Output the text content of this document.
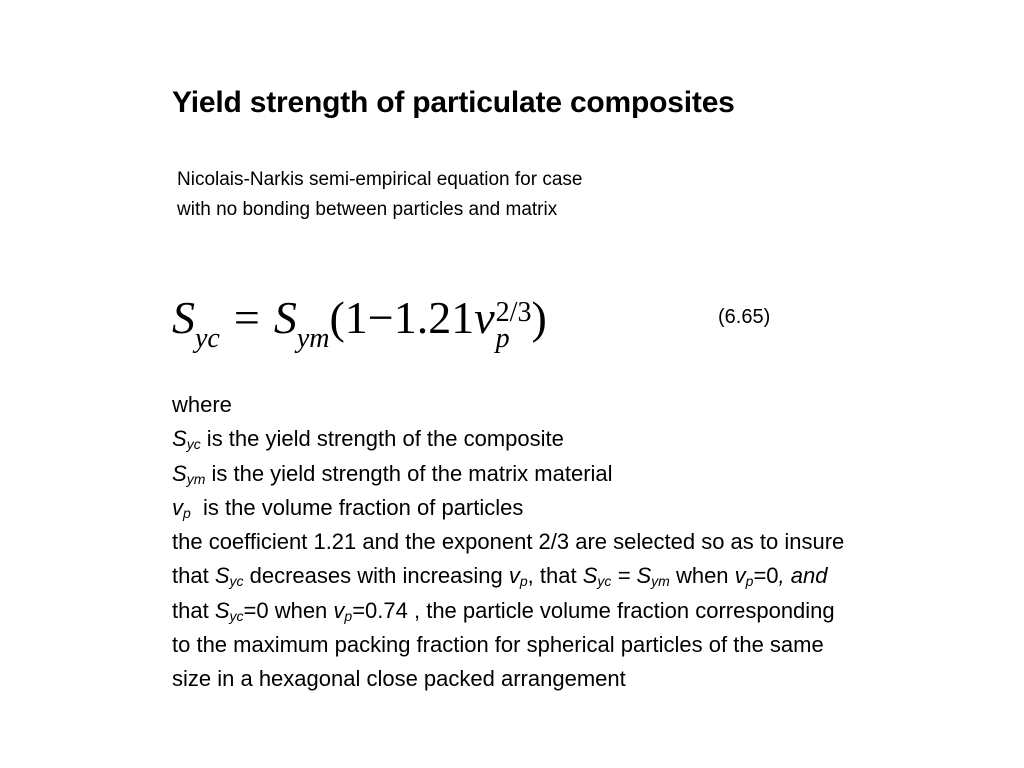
Yield strength of particulate composites
Nicolais-Narkis semi-empirical equation for case
with no bonding between particles and matrix
$S_{yc} = S_{ym}(1-1.21v$ 2/3
p )	(6.65)
where
$S_{yc}$ is the yield strength of the composite
$S_{ym}$ is the yield strength of the matrix material
$v_p$  is the volume fraction of particles
the coefficient 1.21 and the exponent 2/3 are selected so as to insure
that $S_{yc}$ decreases with increasing $v_p$, that $S_{yc} = S_{ym}$ when $v_p=0$, and
that $S_{yc}=0$ when $v_p=0.74$ , the particle volume fraction corresponding
to the maximum packing fraction for spherical particles of the same
size in a hexagonal close packed arrangement
